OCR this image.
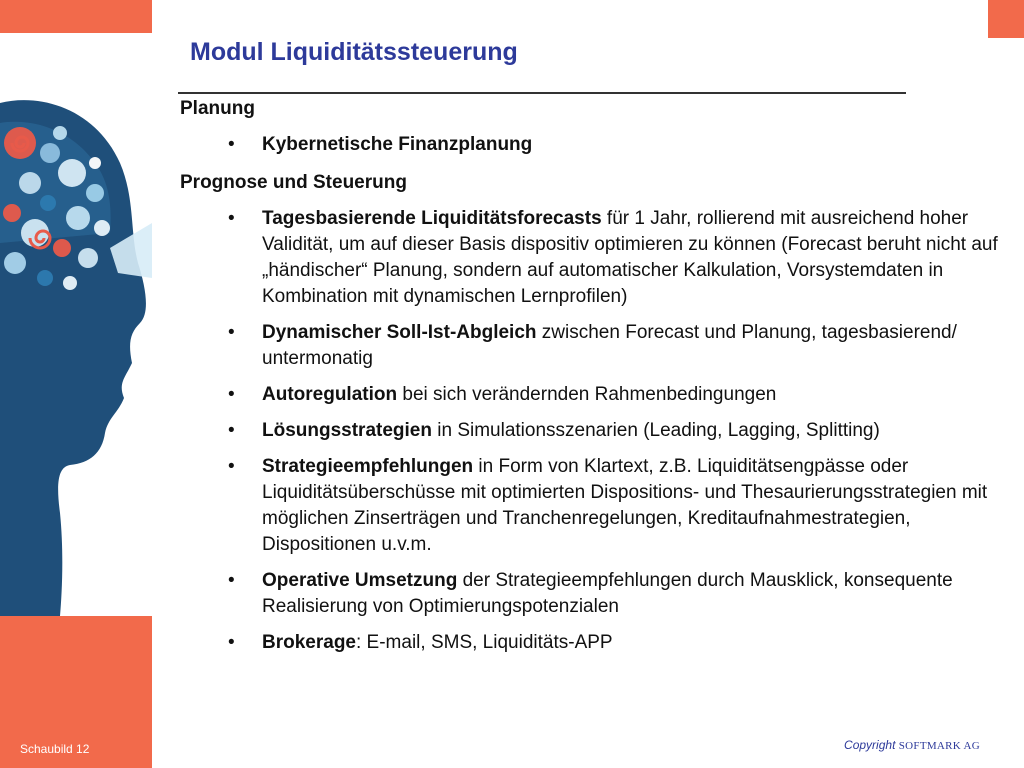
Schaubild 12
Modul Liquiditätssteuerung
Planung
• Kybernetische Finanzplanung
Prognose und Steuerung
• Tagesbasierende Liquiditätsforecasts für 1 Jahr, rollierend mit ausreichend hoher Validität, um auf dieser Basis dispositiv optimieren zu können (Forecast beruht nicht auf „händischer“ Planung, sondern auf automatischer Kalkulation, Vorsystemdaten in Kombination mit dynamischen Lernprofilen)
• Dynamischer Soll-Ist-Abgleich zwischen Forecast und Planung, tagesbasierend/ untermonatig
• Autoregulation bei sich verändernden Rahmenbedingungen
• Lösungsstrategien in Simulationsszenarien (Leading, Lagging, Splitting)
• Strategieempfehlungen in Form von Klartext, z.B. Liquiditätsengpässe oder Liquiditätsüberschüsse mit optimierten Dispositions- und Thesaurierungsstrategien mit möglichen Zinserträgen und Tranchenregelungen, Kreditaufnahmestrategien, Dispositionen u.v.m.
• Operative Umsetzung der Strategieempfehlungen durch Mausklick, konsequente Realisierung von Optimierungspotenzialen
• Brokerage: E-mail, SMS, Liquiditäts-APP
Copyright SOFTMARK AG
